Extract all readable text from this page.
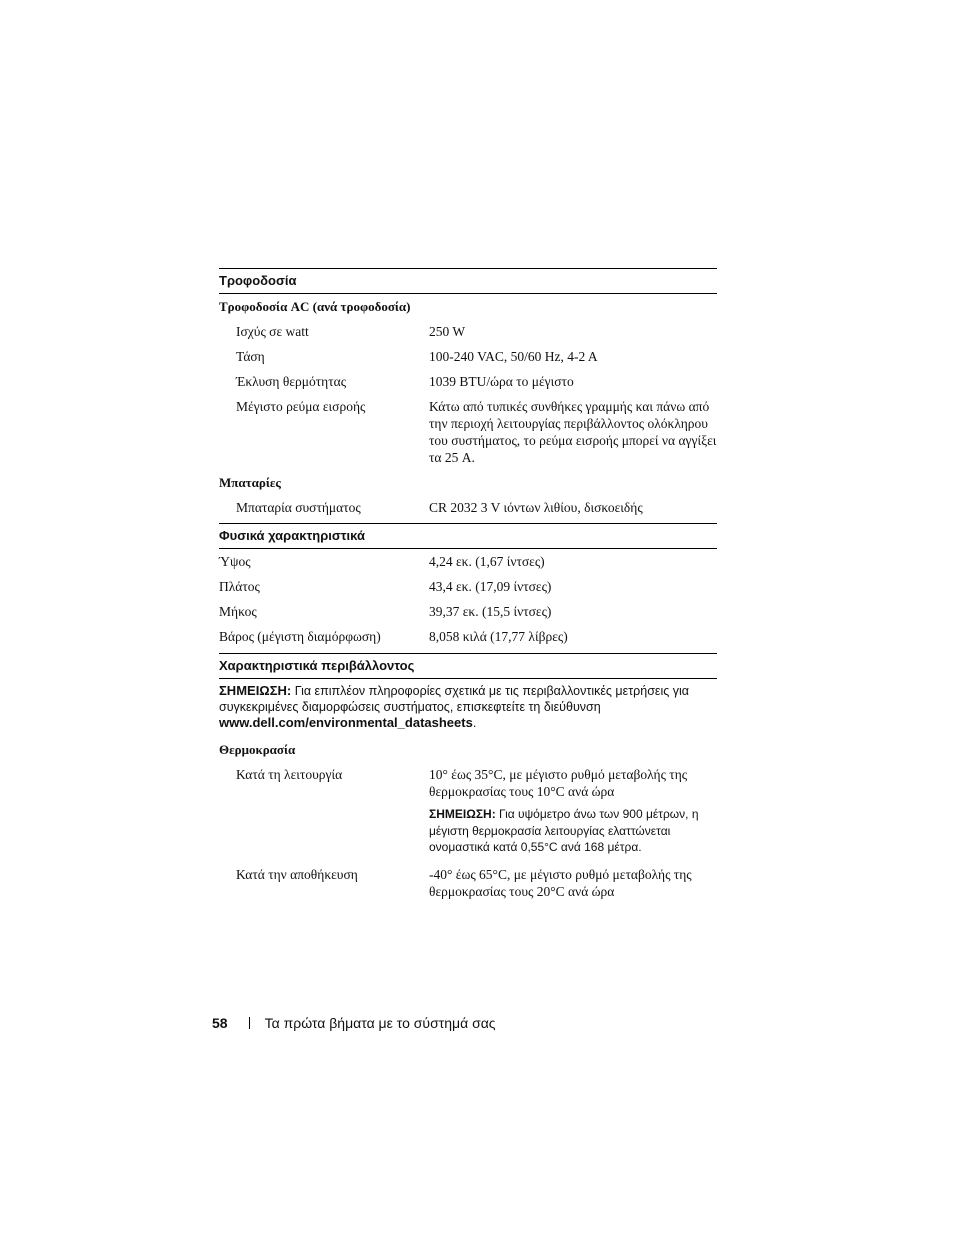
Τροφοδοσία
Τροφοδοσία AC (ανά τροφοδοσία)
Ισχύς σε watt	250 W
Τάση	100-240 VAC, 50/60 Hz, 4-2 A
Έκλυση θερμότητας	1039 BTU/ώρα το μέγιστο
Μέγιστο ρεύμα εισροής	Κάτω από τυπικές συνθήκες γραμμής και πάνω από την περιοχή λειτουργίας περιβάλλοντος ολόκληρου του συστήματος, το ρεύμα εισροής μπορεί να αγγίξει τα 25 A.
Μπαταρίες
Μπαταρία συστήματος	CR 2032 3 V ιόντων λιθίου, δισκοειδής
Φυσικά χαρακτηριστικά
Ύψος	4,24 εκ. (1,67 ίντσες)
Πλάτος	43,4 εκ. (17,09 ίντσες)
Μήκος	39,37 εκ. (15,5 ίντσες)
Βάρος (μέγιστη διαμόρφωση)	8,058 κιλά (17,77 λίβρες)
Χαρακτηριστικά περιβάλλοντος
ΣΗΜΕΙΩΣΗ: Για επιπλέον πληροφορίες σχετικά με τις περιβαλλοντικές μετρήσεις για συγκεκριμένες διαμορφώσεις συστήματος, επισκεφτείτε τη διεύθυνση www.dell.com/environmental_datasheets.
Θερμοκρασία
Κατά τη λειτουργία	10° έως 35°C, με μέγιστο ρυθμό μεταβολής της θερμοκρασίας τους 10°C ανά ώρα
ΣΗΜΕΙΩΣΗ: Για υψόμετρο άνω των 900 μέτρων, η μέγιστη θερμοκρασία λειτουργίας ελαττώνεται ονομαστικά κατά 0,55°C ανά 168 μέτρα.
Κατά την αποθήκευση	-40° έως 65°C, με μέγιστο ρυθμό μεταβολής της θερμοκρασίας τους 20°C ανά ώρα
58	Τα πρώτα βήματα με το σύστημά σας
